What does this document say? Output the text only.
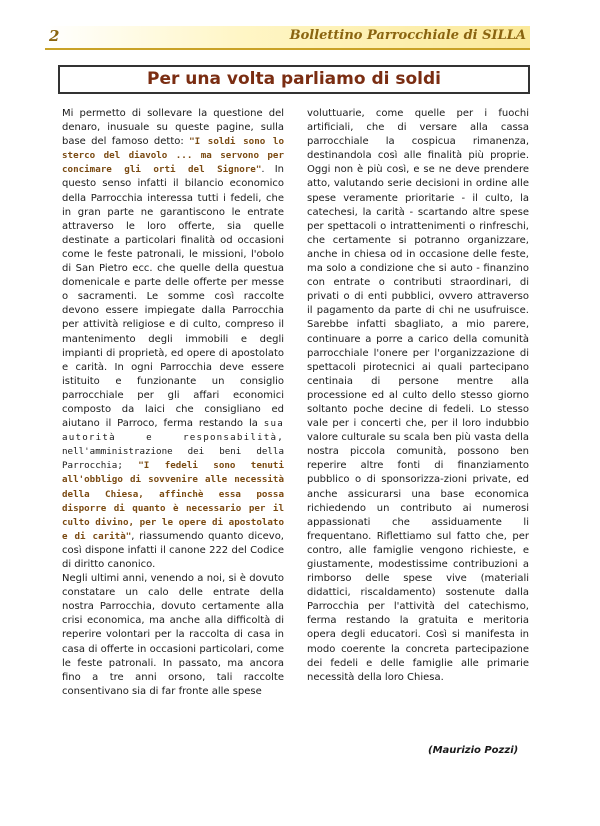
2	Bollettino Parrocchiale di SILLA
Per una volta parliamo di soldi

Mi permetto di sollevare la questione del denaro, inusuale su queste pagine, sulla base del famoso detto: "I soldi sono lo sterco del diavolo ... ma servono per concimare gli orti del Signore". In questo senso infatti il bilancio economico della Parrocchia interessa tutti i fedeli, che in gran parte ne garantiscono le entrate attraverso le loro offerte, sia quelle destinate a particolari finalità od occasioni come le feste patronali, le missioni, l'obolo di San Pietro ecc. che quelle della questua domenicale e parte delle offerte per messe o sacramenti. Le somme così raccolte devono essere impiegate dalla Parrocchia per attività religiose e di culto, compreso il mantenimento degli immobili e degli impianti di proprietà, ed opere di apostolato e carità. In ogni Parrocchia deve essere istituito e funzionante un consiglio parrocchiale per gli affari economici composto da laici che consigliano ed aiutano il Parroco, ferma restando la sua autorità e responsabilità, nell'amministrazione dei beni della Parrocchia; "I fedeli sono tenuti all'obbligo di sovvenire alle necessità della Chiesa, affinchè essa possa disporre di quanto è necessario per il culto divino, per le opere di apostolato e di carità", riassumendo quanto dicevo, così dispone infatti il canone 222 del Codice di diritto canonico.

Negli ultimi anni, venendo a noi, si è dovuto constatare un calo delle entrate della nostra Parrocchia, dovuto certamente alla crisi economica, ma anche alla difficoltà di reperire volontari per la raccolta di casa in casa di offerte in occasioni particolari, come le feste patronali. In passato, ma ancora fino a tre anni orsono, tali raccolte consentivano sia di far fronte alle spese

voluttuarie, come quelle per i fuochi artificiali, che di versare alla cassa parrocchiale la cospicua rimanenza, destinandola così alle finalità più proprie. Oggi non è più così, e se ne deve prendere atto, valutando serie decisioni in ordine alle spese veramente prioritarie - il culto, la catechesi, la carità - scartando altre spese per spettacoli o intrattenimenti o rinfreschi, che certamente si potranno organizzare, anche in chiesa od in occasione delle feste, ma solo a condizione che si auto - finanzino con entrate o contributi straordinari, di privati o di enti pubblici, ovvero attraverso il pagamento da parte di chi ne usufruisce. Sarebbe infatti sbagliato, a mio parere, continuare a porre a carico della comunità parrocchiale l'onere per l'organizzazione di spettacoli pirotecnici ai quali partecipano centinaia di persone mentre alla processione ed al culto dello stesso giorno soltanto poche decine di fedeli. Lo stesso vale per i concerti che, per il loro indubbio valore culturale su scala ben più vasta della nostra piccola comunità, possono ben reperire altre fonti di finanziamento pubblico o di sponsorizza-zioni private, ed anche assicurarsi una base economica richiedendo un contributo ai numerosi appassionati che assiduamente li frequentano. Riflettiamo sul fatto che, per contro, alle famiglie vengono richieste, e giustamente, modestissime contribuzioni a rimborso delle spese vive (materiali didattici, riscaldamento) sostenute dalla Parrocchia per l'attività del catechismo, ferma restando la gratuita e meritoria opera degli educatori. Così si manifesta in modo coerente la concreta partecipazione dei fedeli e delle famiglie alle primarie necessità della loro Chiesa.

(Maurizio Pozzi)
